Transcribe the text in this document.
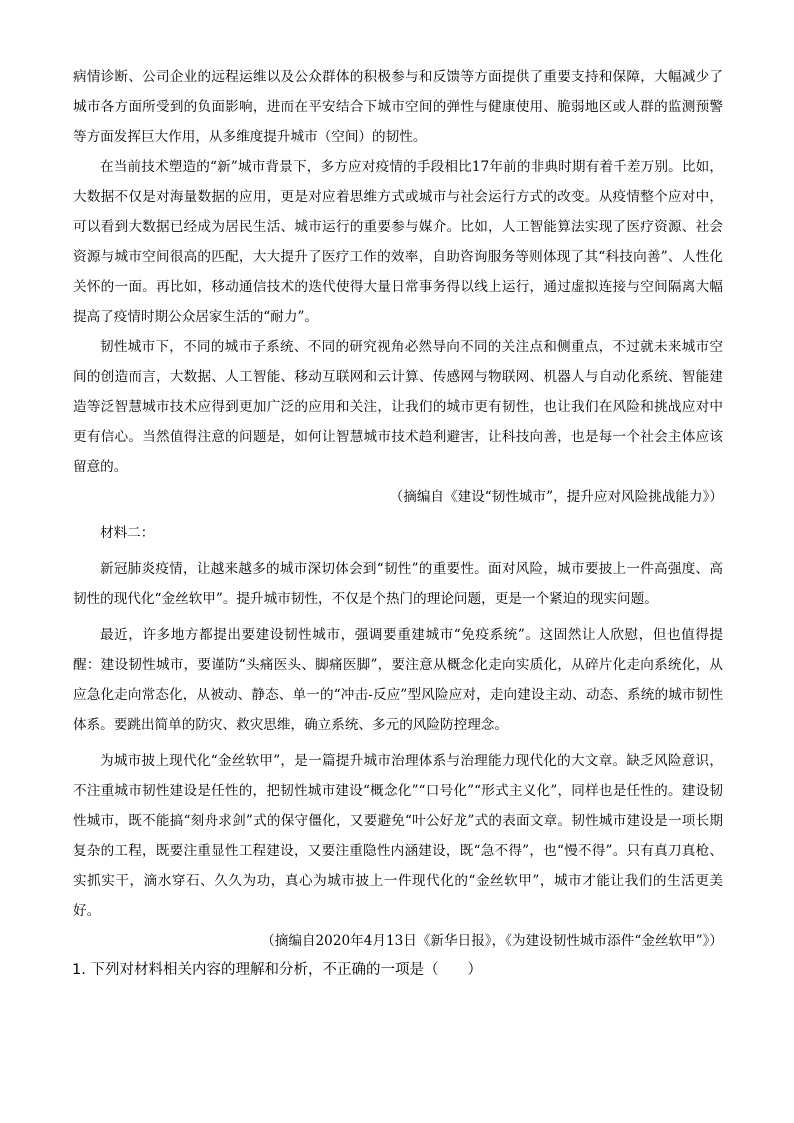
病情诊断、公司企业的远程运维以及公众群体的积极参与和反馈等方面提供了重要支持和保障，大幅减少了城市各方面所受到的负面影响，进而在平安结合下城市空间的弹性与健康使用、脆弱地区或人群的监测预警等方面发挥巨大作用，从多维度提升城市（空间）的韧性。

在当前技术塑造的“新”城市背景下，多方应对疫情的手段相比17年前的非典时期有着千差万别。比如，大数据不仅是对海量数据的应用，更是对应着思维方式或城市与社会运行方式的改变。从疫情整个应对中，可以看到大数据已经成为居民生活、城市运行的重要参与媒介。比如，人工智能算法实现了医疗资源、社会资源与城市空间很高的匹配，大大提升了医疗工作的效率，自助咨询服务等则体现了其“科技向善”、人性化关怀的一面。再比如，移动通信技术的迭代使得大量日常事务得以线上运行，通过虚拟连接与空间隔离大幅提高了疫情时期公众居家生活的“耐力”。

韧性城市下，不同的城市子系统、不同的研究视角必然导向不同的关注点和侧重点，不过就未来城市空间的创造而言，大数据、人工智能、移动互联网和云计算、传感网与物联网、机器人与自动化系统、智能建造等泛智慧城市技术应得到更加广泛的应用和关注，让我们的城市更有韧性，也让我们在风险和挑战应对中更有信心。当然值得注意的问题是，如何让智慧城市技术趋利避害，让科技向善，也是每一个社会主体应该留意的。

（摘编自《建设“韧性城市”，提升应对风险挑战能力》）

材料二：

新冠肺炎疫情，让越来越多的城市深切体会到“韧性”的重要性。面对风险，城市要披上一件高强度、高韧性的现代化“金丝软甲”。提升城市韧性，不仅是个热门的理论问题，更是一个紧迫的现实问题。

最近，许多地方都提出要建设韧性城市，强调要重建城市“免疫系统”。这固然让人欣慰，但也值得提醒：建设韧性城市，要谨防“头痛医头、脚痛医脚”，要注意从概念化走向实质化，从碎片化走向系统化，从应急化走向常态化，从被动、静态、单一的“冲击-反应”型风险应对，走向建设主动、动态、系统的城市韧性体系。要跳出简单的防灾、救灾思维，确立系统、多元的风险防控理念。

为城市披上现代化“金丝软甲”，是一篇提升城市治理体系与治理能力现代化的大文章。缺乏风险意识，不注重城市韧性建设是任性的，把韧性城市建设“概念化”“口号化”“形式主义化”，同样也是任性的。建设韧性城市，既不能搞“刻舟求剑”式的保守僵化，又要避免“叶公好龙”式的表面文章。韧性城市建设是一项长期复杂的工程，既要注重显性工程建设，又要注重隐性内涵建设，既“急不得”，也“慢不得”。只有真刀真枪、实抓实干，滴水穿石、久久为功，真心为城市披上一件现代化的“金丝软甲”，城市才能让我们的生活更美好。

（摘编自2020年4月13日《新华日报》，《为建设韧性城市添件“金丝软甲”》）

1. 下列对材料相关内容的理解和分析，不正确的一项是（　　）
